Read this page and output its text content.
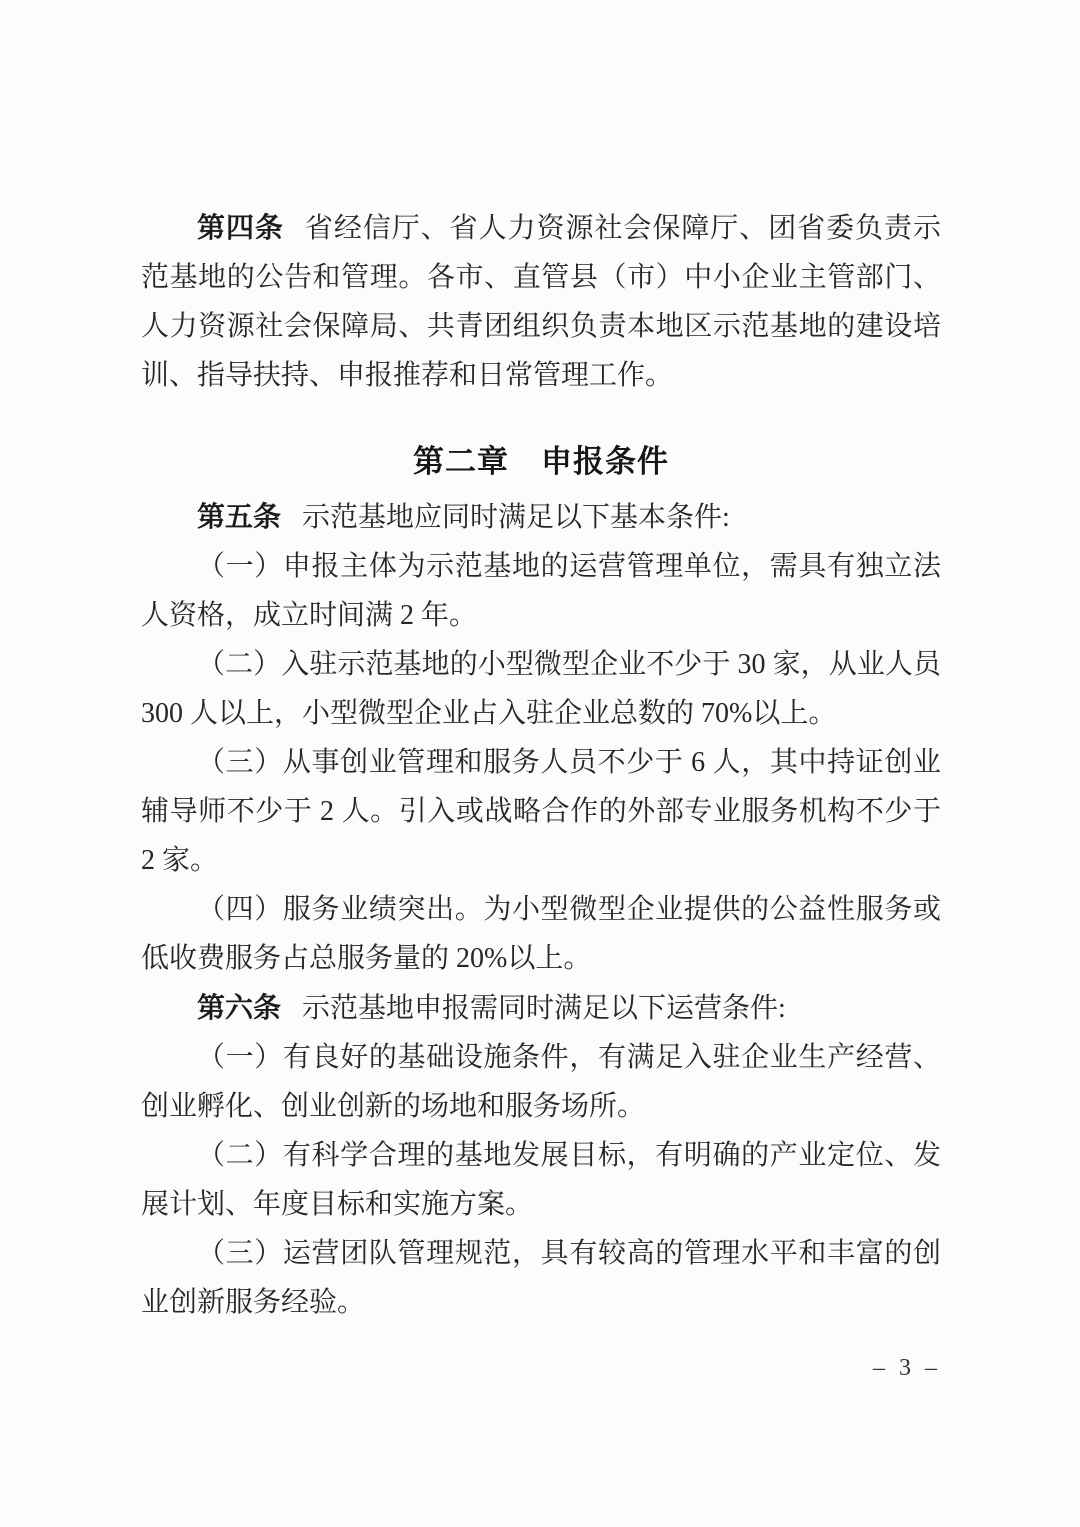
第四条 省经信厅、省人力资源社会保障厅、团省委负责示范基地的公告和管理。各市、直管县（市）中小企业主管部门、人力资源社会保障局、共青团组织负责本地区示范基地的建设培训、指导扶持、申报推荐和日常管理工作。

第二章　申报条件

第五条 示范基地应同时满足以下基本条件:

（一）申报主体为示范基地的运营管理单位，需具有独立法人资格，成立时间满 2 年。

（二）入驻示范基地的小型微型企业不少于 30 家，从业人员 300 人以上，小型微型企业占入驻企业总数的 70%以上。

（三）从事创业管理和服务人员不少于 6 人，其中持证创业辅导师不少于 2 人。引入或战略合作的外部专业服务机构不少于 2 家。

（四）服务业绩突出。为小型微型企业提供的公益性服务或低收费服务占总服务量的 20%以上。

第六条 示范基地申报需同时满足以下运营条件:

（一）有良好的基础设施条件，有满足入驻企业生产经营、创业孵化、创业创新的场地和服务场所。

（二）有科学合理的基地发展目标，有明确的产业定位、发展计划、年度目标和实施方案。

（三）运营团队管理规范，具有较高的管理水平和丰富的创业创新服务经验。

– 3 –
